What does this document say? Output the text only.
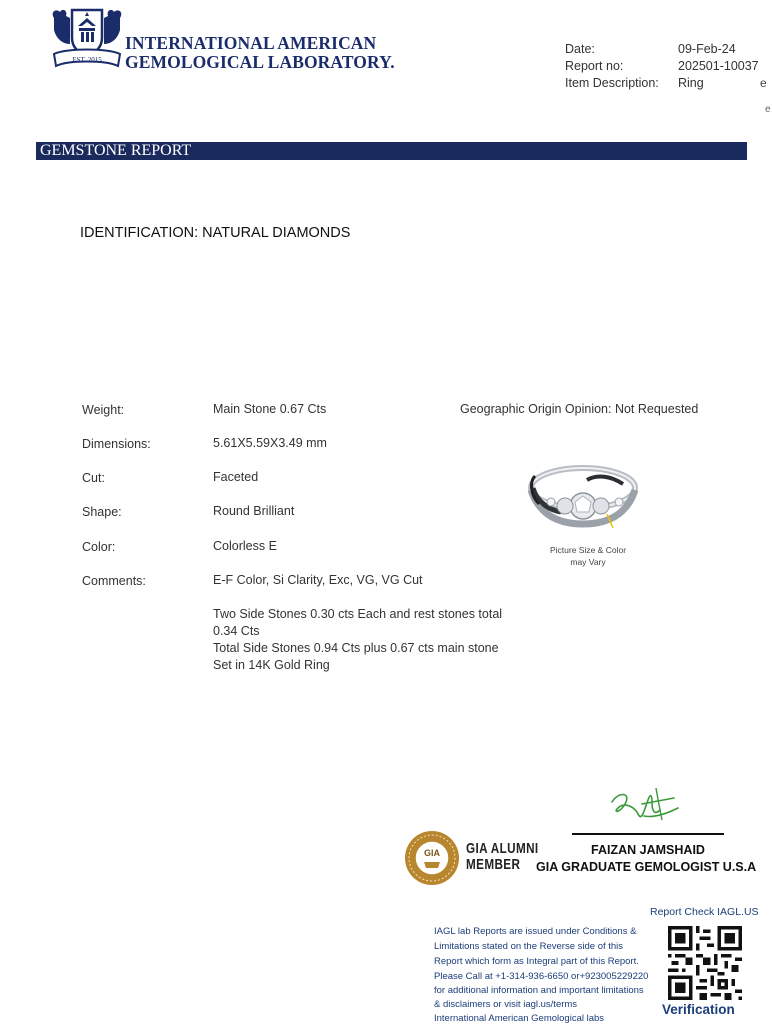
EST. 2015
INTERNATIONAL AMERICAN
GEMOLOGICAL LABORATORY.
Date:	09-Feb-24
Report no:	202501-10037
Item Description: Ring	e
e
GEMSTONE REPORT
IDENTIFICATION: NATURAL DIAMONDS
Weight:	Main Stone 0.67 Cts
Dimensions:	5.61X5.59X3.49 mm
Cut:	Faceted
Shape:	Round Brilliant
Color:	Colorless E
Comments:	E-F Color, Si Clarity, Exc, VG, VG Cut
Geographic Origin Opinion: Not Requested
Two Side Stones 0.30 cts Each and rest stones total
0.34 Cts
Total Side Stones 0.94 Cts plus 0.67 cts main stone
Set in 14K Gold Ring
Picture Size & Color
may Vary
FAIZAN JAMSHAID
GIA GRADUATE GEMOLOGIST U.S.A
GIA GIA ALUMNI
MEMBER
Report Check IAGL.US
IAGL lab Reports are issued under Conditions &
Limitations stated on the Reverse side of this
Report which form as Integral part of this Report.
Please Call at +1-314-936-6650 or+923005229220
for additional information and important limitations
& disclaimers or visit iagl.us/terms
International American Gemological labs
Verification
